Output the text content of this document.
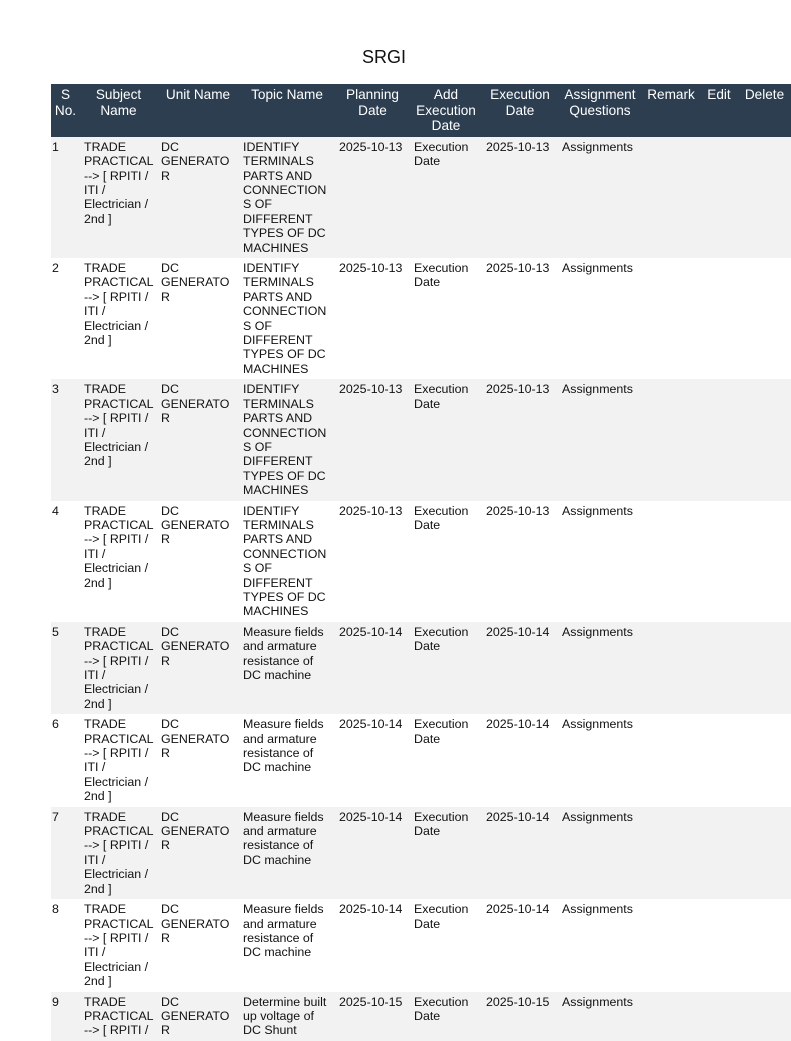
SRGI
S No.	Subject Name	Unit Name	Topic Name	Planning Date	Add Execution Date	Execution Date	Assignment Questions	Remark	Edit	Delete
1	TRADE PRACTICAL --> [ RPITI / ITI / Electrician / 2nd ]	DC GENERATOR	IDENTIFY TERMINALS PARTS AND CONNECTIONS OF DIFFERENT TYPES OF DC MACHINES	2025-10-13	Execution Date	2025-10-13	Assignments			
2	TRADE PRACTICAL --> [ RPITI / ITI / Electrician / 2nd ]	DC GENERATOR	IDENTIFY TERMINALS PARTS AND CONNECTIONS OF DIFFERENT TYPES OF DC MACHINES	2025-10-13	Execution Date	2025-10-13	Assignments			
3	TRADE PRACTICAL --> [ RPITI / ITI / Electrician / 2nd ]	DC GENERATOR	IDENTIFY TERMINALS PARTS AND CONNECTIONS OF DIFFERENT TYPES OF DC MACHINES	2025-10-13	Execution Date	2025-10-13	Assignments			
4	TRADE PRACTICAL --> [ RPITI / ITI / Electrician / 2nd ]	DC GENERATOR	IDENTIFY TERMINALS PARTS AND CONNECTIONS OF DIFFERENT TYPES OF DC MACHINES	2025-10-13	Execution Date	2025-10-13	Assignments			
5	TRADE PRACTICAL --> [ RPITI / ITI / Electrician / 2nd ]	DC GENERATOR	Measure fields and armature resistance of DC machine	2025-10-14	Execution Date	2025-10-14	Assignments			
6	TRADE PRACTICAL --> [ RPITI / ITI / Electrician / 2nd ]	DC GENERATOR	Measure fields and armature resistance of DC machine	2025-10-14	Execution Date	2025-10-14	Assignments			
7	TRADE PRACTICAL --> [ RPITI / ITI / Electrician / 2nd ]	DC GENERATOR	Measure fields and armature resistance of DC machine	2025-10-14	Execution Date	2025-10-14	Assignments			
8	TRADE PRACTICAL --> [ RPITI / ITI / Electrician / 2nd ]	DC GENERATOR	Measure fields and armature resistance of DC machine	2025-10-14	Execution Date	2025-10-14	Assignments			
9	TRADE PRACTICAL --> [ RPITI /	DC GENERATOR	Determine built up voltage of DC Shunt	2025-10-15	Execution Date	2025-10-15	Assignments			
